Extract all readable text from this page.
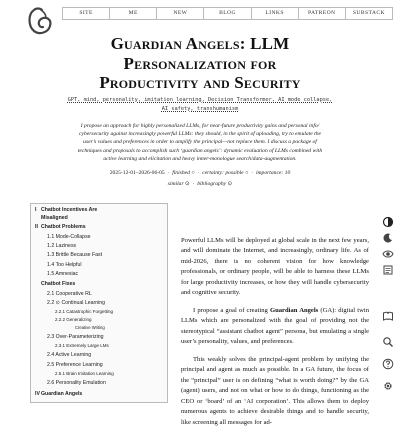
SITE	ME	NEW	BLOG	LINKS	PATREON	SUBSTACK
Guardian Angels: LLM
Personalization for
Productivity and Security
GPT, mind, personality, imitation learning, Decision Transformer, AI mode collapse,
AI safety, transhumanism
I propose an approach for highly personalized LLMs, for near-future productivity gains and personal info/
cybersecurity against increasingly powerful LLMs: they should, in the spirit of uploading, try to emulate the
user’s values and preferences in order to amplify the principal—not replace them. I discuss a package of
techniques and proposals to accomplish such ‘guardian angels’: dynamic evaluation of LLMs combined with
active learning and elicitation and heavy inner-monologue search/data-augmentation.
2025-12-01–2026-06-05  ·  finished ○  ·  certainty: possible ○  ·  importance: 10
similar ⊙  ·  bibliography ⊙
I Chatbot Incentives Are
Misaligned
II Chatbot Problems
1.1 Mode-Collapse
1.2 Laziness
1.3 Brittle Because Fast
1.4 Too Helpful
1.5 Amnesiac
Chatbot Fixes
2.1 Cooperative RL
2.2 ⊙ Continual Learning
2.2.1 Catastrophic Forgetting
2.2.2 Generalizing
Creative Writing
2.3 Over-Parameterizing
2.3.1 Extremely Large LMs
2.4 Active Learning
2.5 Preference Learning
2.5.1 Brain Imitation Learning
2.6 Personality Emulation
IV Guardian Angels

Powerful LLMs will be deployed at global scale in the next few years, and will dominate the Internet, and increasingly, ordinary life. As of mid-2026, there is no coherent vision for how knowledge professionals, or ordinary people, will be able to harness these LLMs for large productivity increases, or how they will handle cybersecurity and cognitive security.

I propose a goal of creating Guardian Angels (GA): digital twin LLMs which are personalized with the goal of providing not the stereotypical “assistant chatbot agent” persona, but emulating a single user’s personality, values, and preferences.

This weakly solves the principal-agent problem by unifying the principal and agent as much as possible. In a GA future, the focus of the “principal” user is on defining “what is worth doing?” by the GA (agent) users, and not on what or how to do things, functioning as the CEO or ‘board’ of an ‘AI corporation’. This allows them to deploy numerous agents to achieve desirable things and to handle security, like screening all messages for ad-
